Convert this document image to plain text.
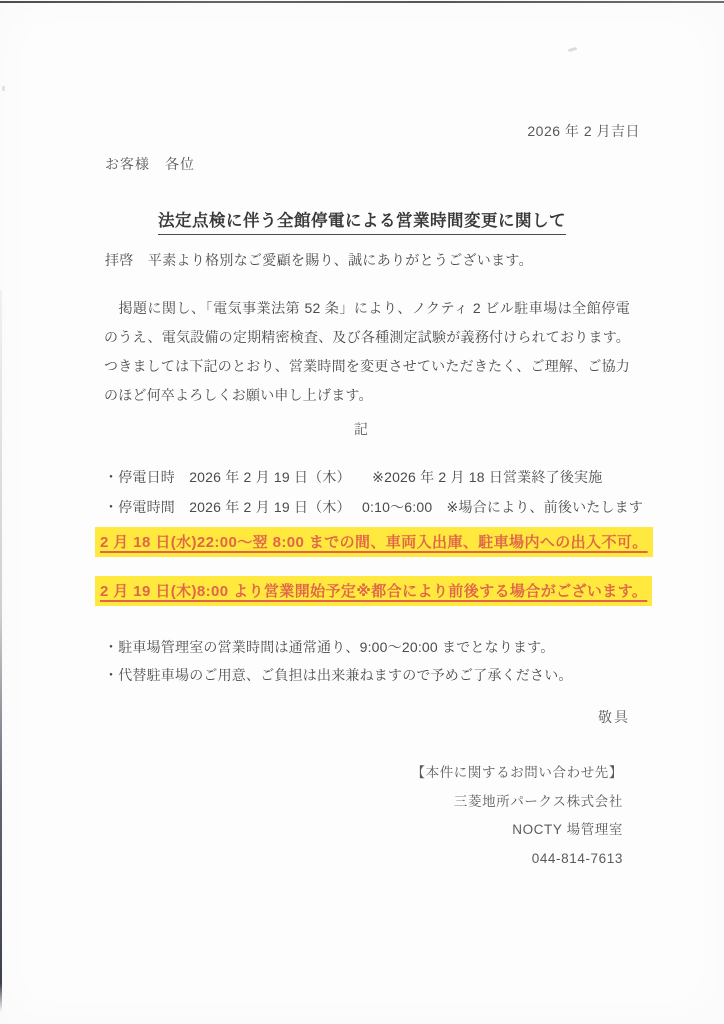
2026 年 2 月吉日
お客様　各位
法定点検に伴う全館停電による営業時間変更に関して
拝啓　平素より格別なご愛顧を賜り、誠にありがとうございます。
　掲題に関し、「電気事業法第 52 条」により、ノクティ 2 ビル駐車場は全館停電のうえ、電気設備の定期精密検査、及び各種測定試験が義務付けられております。つきましては下記のとおり、営業時間を変更させていただきたく、ご理解、ご協力のほど何卒よろしくお願い申し上げます。
記
・停電日時　2026 年 2 月 19 日（木）　　※2026 年 2 月 18 日営業終了後実施
・停電時間　2026 年 2 月 19 日（木）　 0:10～6:00　※場合により、前後いたします
2 月 18 日(水)22:00～翌 8:00 までの間、車両入出庫、駐車場内への出入不可。
2 月 19 日(木)8:00 より営業開始予定※都合により前後する場合がございます。
・駐車場管理室の営業時間は通常通り、9:00～20:00 までとなります。
・代替駐車場のご用意、ご負担は出来兼ねますので予めご了承ください。
敬具
【本件に関するお問い合わせ先】
三菱地所パークス株式会社
NOCTY 場管理室
044-814-7613
